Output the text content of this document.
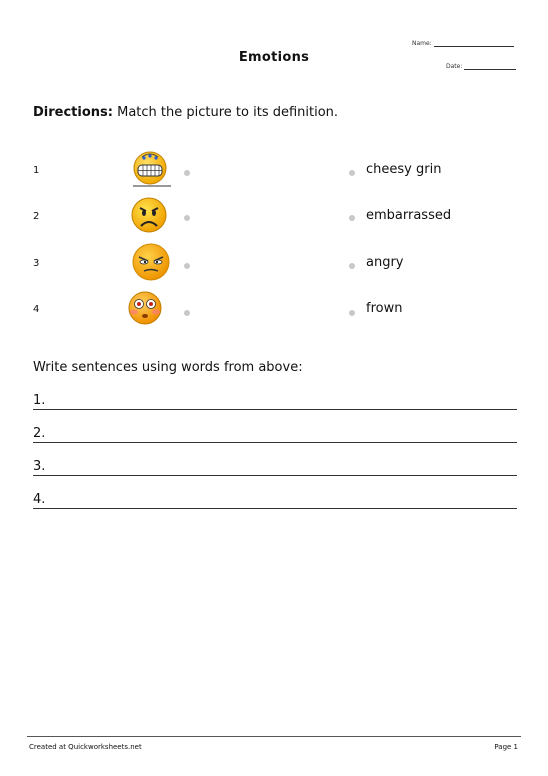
Name:
Date:
Emotions
Directions: Match the picture to its definition.
1	cheesy grin
2	embarrassed
3	angry
4	frown
Write sentences using words from above:
1.
2.
3.
4.
Created at Quickworksheets.net	Page 1
